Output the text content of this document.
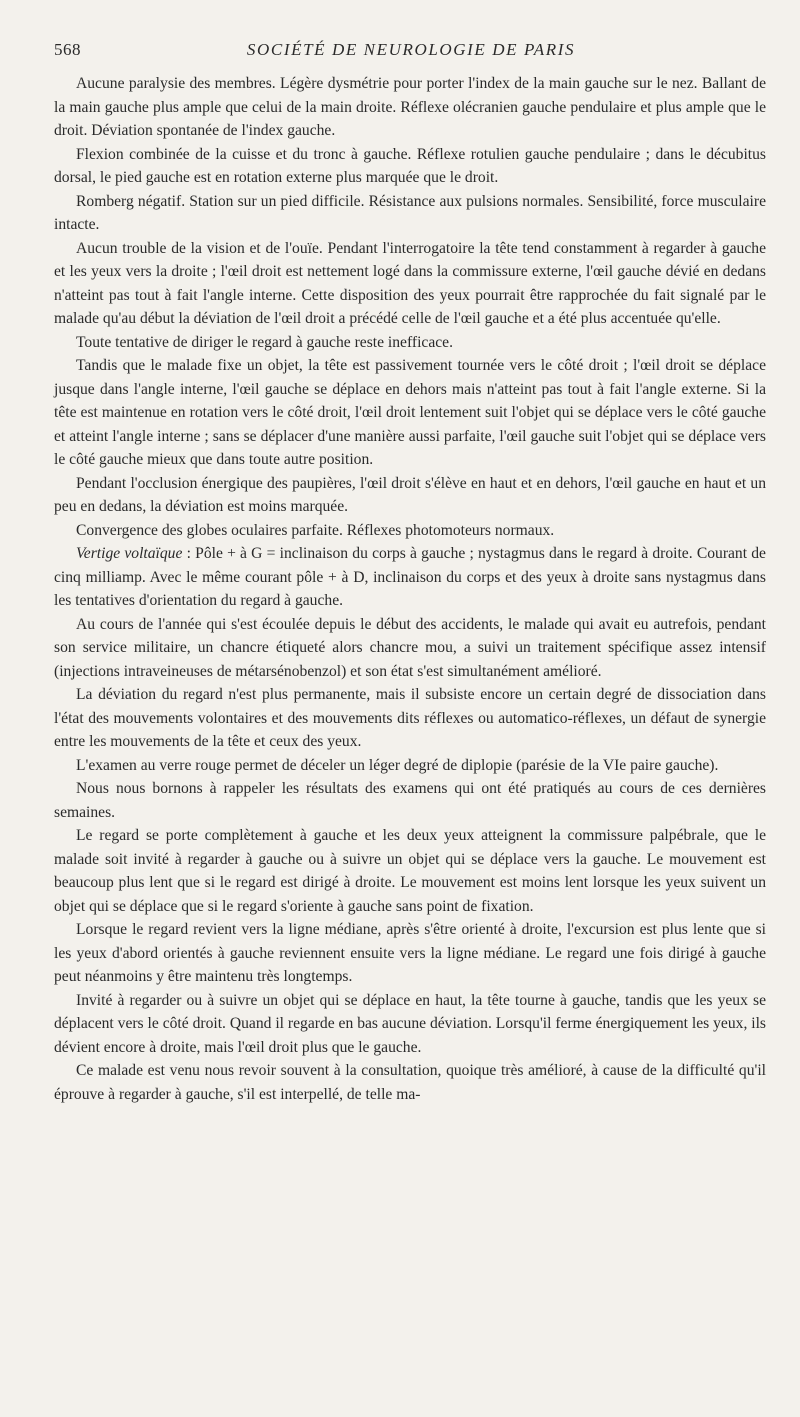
568	SOCIÉTÉ DE NEUROLOGIE DE PARIS

Aucune paralysie des membres. Légère dysmétrie pour porter l'index de la main gauche sur le nez. Ballant de la main gauche plus ample que celui de la main droite. Réflexe olécranien gauche pendulaire et plus ample que le droit. Déviation spontanée de l'index gauche.

Flexion combinée de la cuisse et du tronc à gauche. Réflexe rotulien gauche pendulaire ; dans le décubitus dorsal, le pied gauche est en rotation externe plus marquée que le droit.

Romberg négatif. Station sur un pied difficile. Résistance aux pulsions normales. Sensibilité, force musculaire intacte.

Aucun trouble de la vision et de l'ouïe. Pendant l'interrogatoire la tête tend constamment à regarder à gauche et les yeux vers la droite ; l'œil droit est nettement logé dans la commissure externe, l'œil gauche dévié en dedans n'atteint pas tout à fait l'angle interne. Cette disposition des yeux pourrait être rapprochée du fait signalé par le malade qu'au début la déviation de l'œil droit a précédé celle de l'œil gauche et a été plus accentuée qu'elle.

Toute tentative de diriger le regard à gauche reste inefficace.

Tandis que le malade fixe un objet, la tête est passivement tournée vers le côté droit ; l'œil droit se déplace jusque dans l'angle interne, l'œil gauche se déplace en dehors mais n'atteint pas tout à fait l'angle externe. Si la tête est maintenue en rotation vers le côté droit, l'œil droit lentement suit l'objet qui se déplace vers le côté gauche et atteint l'angle interne ; sans se déplacer d'une manière aussi parfaite, l'œil gauche suit l'objet qui se déplace vers le côté gauche mieux que dans toute autre position.

Pendant l'occlusion énergique des paupières, l'œil droit s'élève en haut et en dehors, l'œil gauche en haut et un peu en dedans, la déviation est moins marquée.

Convergence des globes oculaires parfaite. Réflexes photomoteurs normaux.

Vertige voltaïque : Pôle + à G = inclinaison du corps à gauche ; nystagmus dans le regard à droite. Courant de cinq milliamp. Avec le même courant pôle + à D, inclinaison du corps et des yeux à droite sans nystagmus dans les tentatives d'orientation du regard à gauche.

Au cours de l'année qui s'est écoulée depuis le début des accidents, le malade qui avait eu autrefois, pendant son service militaire, un chancre étiqueté alors chancre mou, a suivi un traitement spécifique assez intensif (injections intraveineuses de métarsénobenzol) et son état s'est simultanément amélioré.

La déviation du regard n'est plus permanente, mais il subsiste encore un certain degré de dissociation dans l'état des mouvements volontaires et des mouvements dits réflexes ou automatico-réflexes, un défaut de synergie entre les mouvements de la tête et ceux des yeux.

L'examen au verre rouge permet de déceler un léger degré de diplopie (parésie de la VIe paire gauche).

Nous nous bornons à rappeler les résultats des examens qui ont été pratiqués au cours de ces dernières semaines.

Le regard se porte complètement à gauche et les deux yeux atteignent la commissure palpébrale, que le malade soit invité à regarder à gauche ou à suivre un objet qui se déplace vers la gauche. Le mouvement est beaucoup plus lent que si le regard est dirigé à droite. Le mouvement est moins lent lorsque les yeux suivent un objet qui se déplace que si le regard s'oriente à gauche sans point de fixation.

Lorsque le regard revient vers la ligne médiane, après s'être orienté à droite, l'excursion est plus lente que si les yeux d'abord orientés à gauche reviennent ensuite vers la ligne médiane. Le regard une fois dirigé à gauche peut néanmoins y être maintenu très longtemps.

Invité à regarder ou à suivre un objet qui se déplace en haut, la tête tourne à gauche, tandis que les yeux se déplacent vers le côté droit. Quand il regarde en bas aucune déviation. Lorsqu'il ferme énergiquement les yeux, ils dévient encore à droite, mais l'œil droit plus que le gauche.

Ce malade est venu nous revoir souvent à la consultation, quoique très amélioré, à cause de la difficulté qu'il éprouve à regarder à gauche, s'il est interpellé, de telle ma-
